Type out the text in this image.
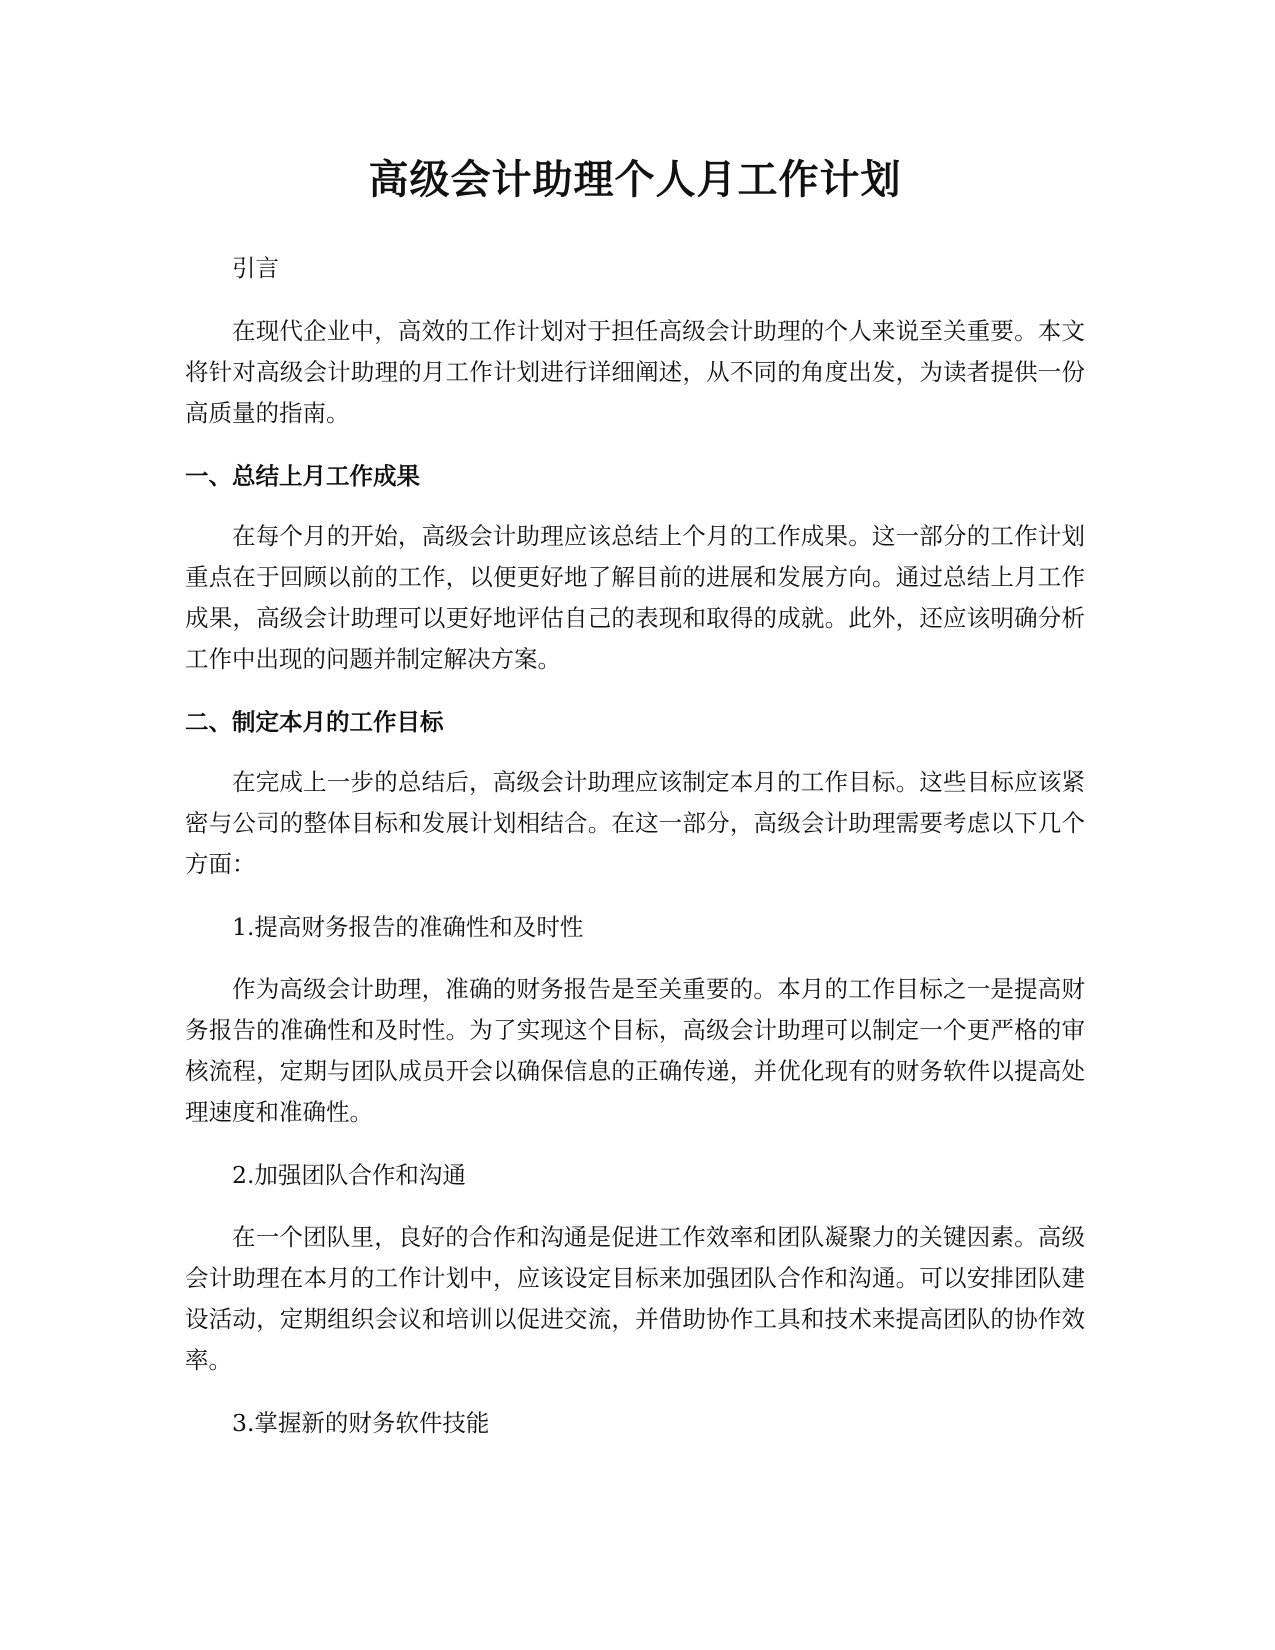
高级会计助理个人月工作计划

引言

在现代企业中，高效的工作计划对于担任高级会计助理的个人来说至关重要。本文将针对高级会计助理的月工作计划进行详细阐述，从不同的角度出发，为读者提供一份高质量的指南。

一、总结上月工作成果

在每个月的开始，高级会计助理应该总结上个月的工作成果。这一部分的工作计划重点在于回顾以前的工作，以便更好地了解目前的进展和发展方向。通过总结上月工作成果，高级会计助理可以更好地评估自己的表现和取得的成就。此外，还应该明确分析工作中出现的问题并制定解决方案。

二、制定本月的工作目标

在完成上一步的总结后，高级会计助理应该制定本月的工作目标。这些目标应该紧密与公司的整体目标和发展计划相结合。在这一部分，高级会计助理需要考虑以下几个方面：

1.提高财务报告的准确性和及时性

作为高级会计助理，准确的财务报告是至关重要的。本月的工作目标之一是提高财务报告的准确性和及时性。为了实现这个目标，高级会计助理可以制定一个更严格的审核流程，定期与团队成员开会以确保信息的正确传递，并优化现有的财务软件以提高处理速度和准确性。

2.加强团队合作和沟通

在一个团队里，良好的合作和沟通是促进工作效率和团队凝聚力的关键因素。高级会计助理在本月的工作计划中，应该设定目标来加强团队合作和沟通。可以安排团队建设活动，定期组织会议和培训以促进交流，并借助协作工具和技术来提高团队的协作效率。

3.掌握新的财务软件技能
